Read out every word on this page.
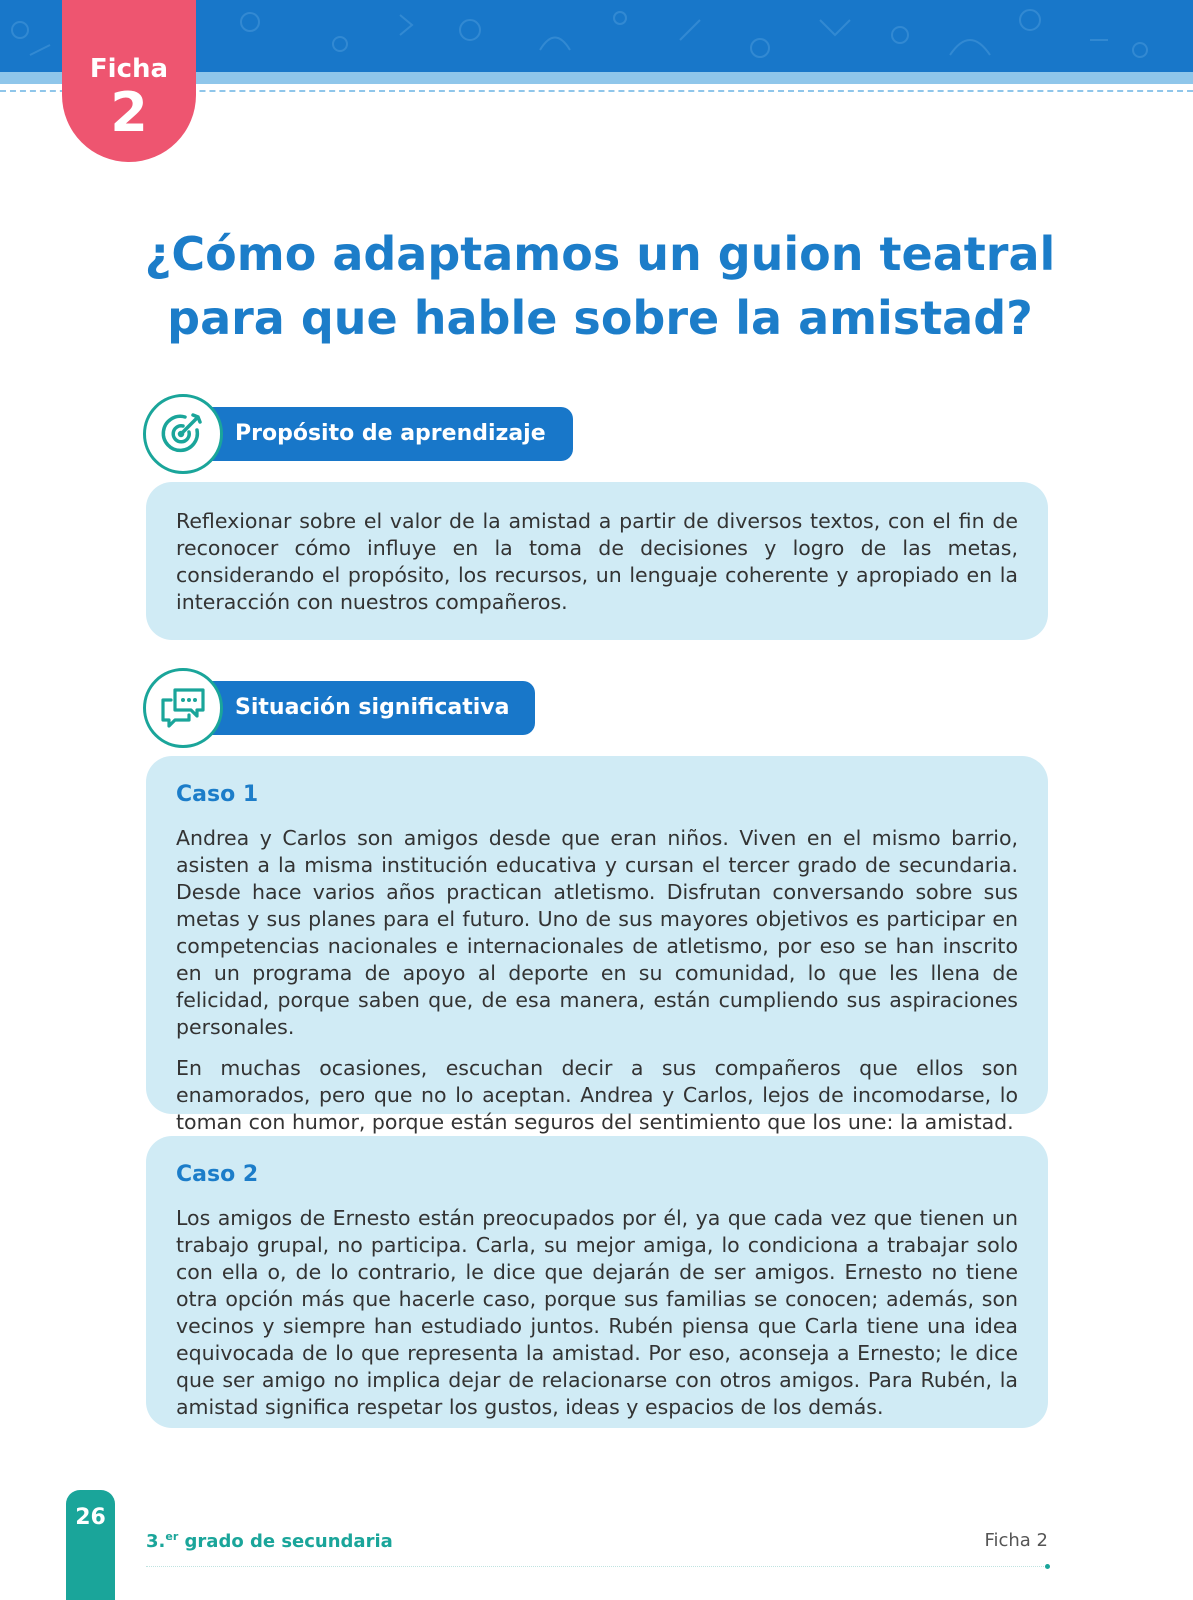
Ficha
2
¿Cómo adaptamos un guion teatral
para que hable sobre la amistad?
Propósito de aprendizaje

Reflexionar sobre el valor de la amistad a partir de diversos textos, con el fin de reconocer cómo influye en la toma de decisiones y logro de las metas, considerando el propósito, los recursos, un lenguaje coherente y apropiado en la interacción con nuestros compañeros.

Situación significativa
Caso 1

Andrea y Carlos son amigos desde que eran niños. Viven en el mismo barrio, asisten a la misma institución educativa y cursan el tercer grado de secundaria. Desde hace varios años practican atletismo. Disfrutan conversando sobre sus metas y sus planes para el futuro. Uno de sus mayores objetivos es participar en competencias nacionales e internacionales de atletismo, por eso se han inscrito en un programa de apoyo al deporte en su comunidad, lo que les llena de felicidad, porque saben que, de esa manera, están cumpliendo sus aspiraciones personales.

En muchas ocasiones, escuchan decir a sus compañeros que ellos son enamorados, pero que no lo aceptan. Andrea y Carlos, lejos de incomodarse, lo toman con humor, porque están seguros del sentimiento que los une: la amistad.

Caso 2

Los amigos de Ernesto están preocupados por él, ya que cada vez que tienen un trabajo grupal, no participa. Carla, su mejor amiga, lo condiciona a trabajar solo con ella o, de lo contrario, le dice que dejarán de ser amigos. Ernesto no tiene otra opción más que hacerle caso, porque sus familias se conocen; además, son vecinos y siempre han estudiado juntos. Rubén piensa que Carla tiene una idea equivocada de lo que representa la amistad. Por eso, aconseja a Ernesto; le dice que ser amigo no implica dejar de relacionarse con otros amigos. Para Rubén, la amistad significa respetar los gustos, ideas y espacios de los demás.

26
3.$^{er}$ grado de secundaria	Ficha 2
